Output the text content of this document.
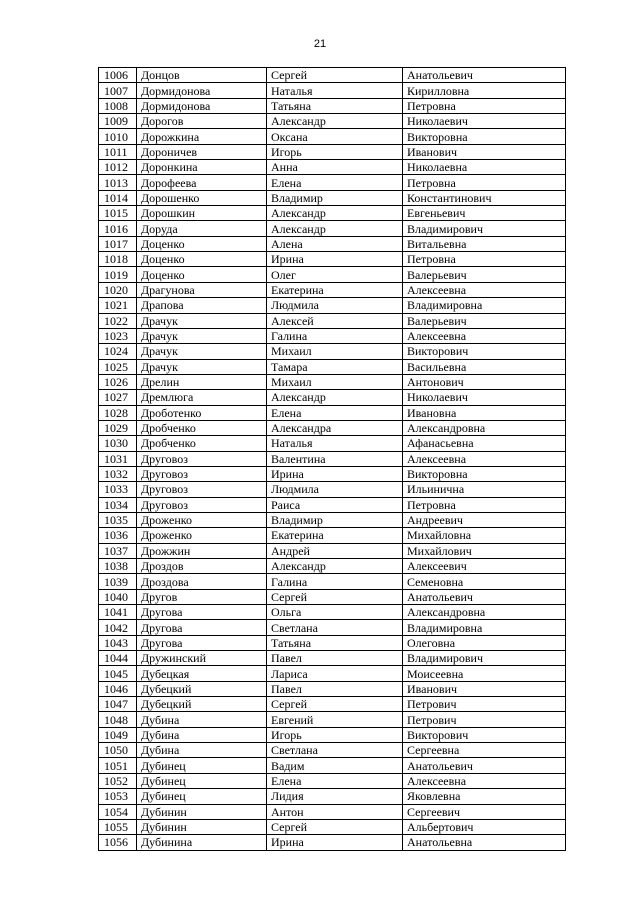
21
1006	Донцов	Сергей	Анатольевич
1007	Дормидонова	Наталья	Кирилловна
1008	Дормидонова	Татьяна	Петровна
1009	Дорогов	Александр	Николаевич
1010	Дорожкина	Оксана	Викторовна
1011	Дороничев	Игорь	Иванович
1012	Доронкина	Анна	Николаевна
1013	Дорофеева	Елена	Петровна
1014	Дорошенко	Владимир	Константинович
1015	Дорошкин	Александр	Евгеньевич
1016	Доруда	Александр	Владимирович
1017	Доценко	Алена	Витальевна
1018	Доценко	Ирина	Петровна
1019	Доценко	Олег	Валерьевич
1020	Драгунова	Екатерина	Алексеевна
1021	Драпова	Людмила	Владимировна
1022	Драчук	Алексей	Валерьевич
1023	Драчук	Галина	Алексеевна
1024	Драчук	Михаил	Викторович
1025	Драчук	Тамара	Васильевна
1026	Дрелин	Михаил	Антонович
1027	Дремлюга	Александр	Николаевич
1028	Дроботенко	Елена	Ивановна
1029	Дробченко	Александра	Александровна
1030	Дробченко	Наталья	Афанасьевна
1031	Друговоз	Валентина	Алексеевна
1032	Друговоз	Ирина	Викторовна
1033	Друговоз	Людмила	Ильинична
1034	Друговоз	Раиса	Петровна
1035	Дроженко	Владимир	Андреевич
1036	Дроженко	Екатерина	Михайловна
1037	Дрожжин	Андрей	Михайлович
1038	Дроздов	Александр	Алексеевич
1039	Дроздова	Галина	Семеновна
1040	Другов	Сергей	Анатольевич
1041	Другова	Ольга	Александровна
1042	Другова	Светлана	Владимировна
1043	Другова	Татьяна	Олеговна
1044	Дружинский	Павел	Владимирович
1045	Дубецкая	Лариса	Моисеевна
1046	Дубецкий	Павел	Иванович
1047	Дубецкий	Сергей	Петрович
1048	Дубина	Евгений	Петрович
1049	Дубина	Игорь	Викторович
1050	Дубина	Светлана	Сергеевна
1051	Дубинец	Вадим	Анатольевич
1052	Дубинец	Елена	Алексеевна
1053	Дубинец	Лидия	Яковлевна
1054	Дубинин	Антон	Сергеевич
1055	Дубинин	Сергей	Альбертович
1056	Дубинина	Ирина	Анатольевна
